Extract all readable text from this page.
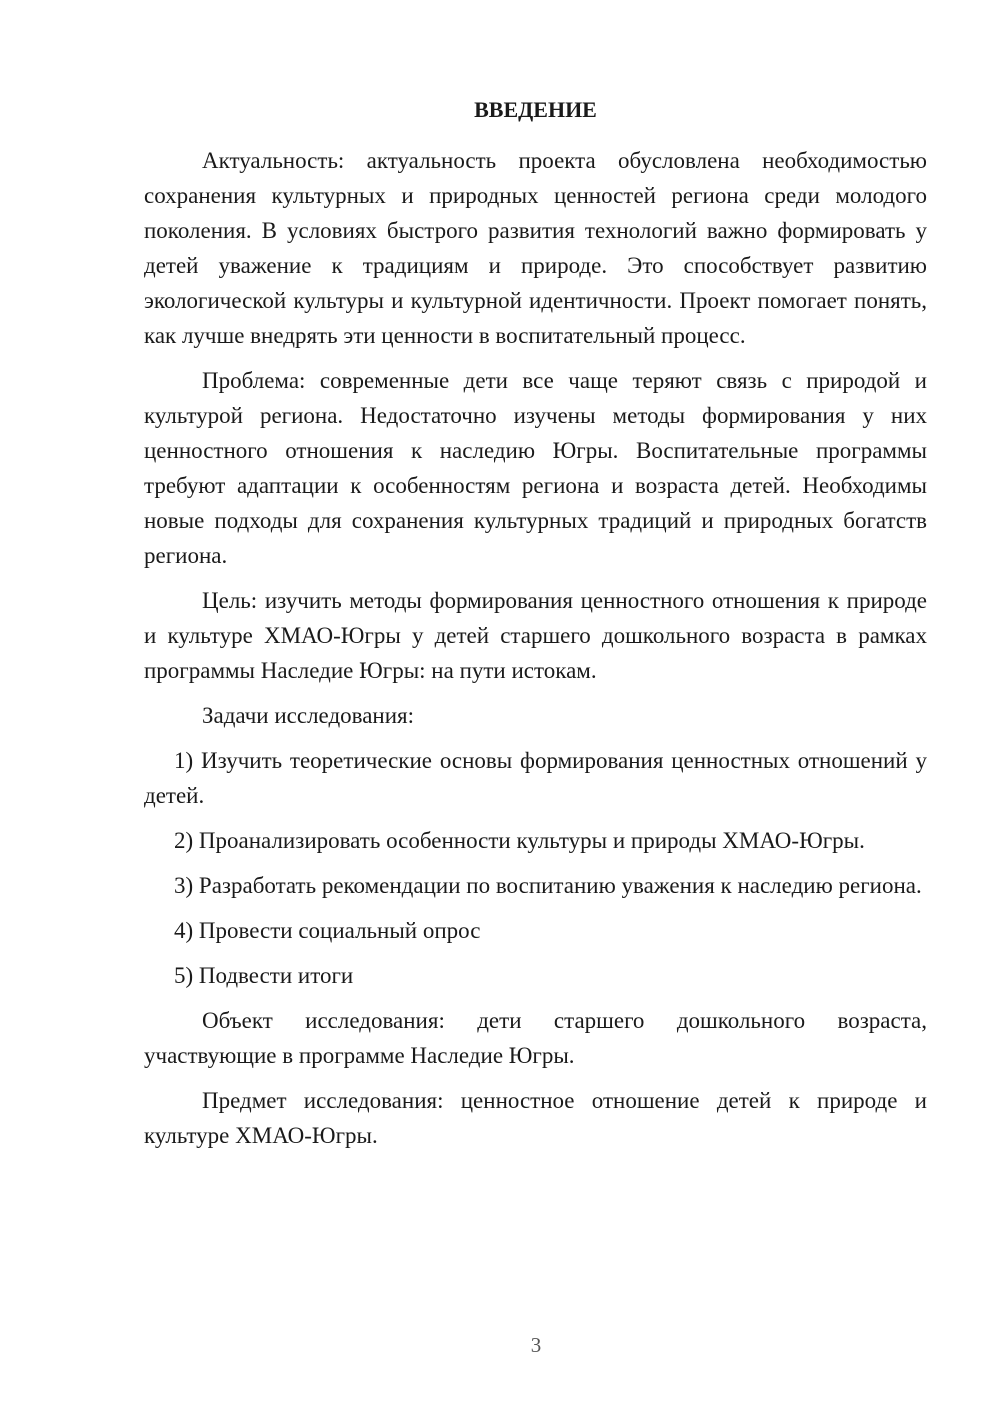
ВВЕДЕНИЕ

Актуальность: актуальность проекта обусловлена необходимостью сохранения культурных и природных ценностей региона среди молодого поколения. В условиях быстрого развития технологий важно формировать у детей уважение к традициям и природе. Это способствует развитию экологической культуры и культурной идентичности. Проект помогает понять, как лучше внедрять эти ценности в воспитательный процесс.

Проблема: современные дети все чаще теряют связь с природой и культурой региона. Недостаточно изучены методы формирования у них ценностного отношения к наследию Югры. Воспитательные программы требуют адаптации к особенностям региона и возраста детей. Необходимы новые подходы для сохранения культурных традиций и природных богатств региона.

Цель: изучить методы формирования ценностного отношения к природе и культуре ХМАО-Югры у детей старшего дошкольного возраста в рамках программы Наследие Югры: на пути истокам.

Задачи исследования:

1) Изучить теоретические основы формирования ценностных отношений у детей.

2) Проанализировать особенности культуры и природы ХМАО-Югры.

3) Разработать рекомендации по воспитанию уважения к наследию региона.

4) Провести социальный опрос

5) Подвести итоги

Объект исследования: дети старшего дошкольного возраста, участвующие в программе Наследие Югры.

Предмет исследования: ценностное отношение детей к природе и культуре ХМАО-Югры.

3
